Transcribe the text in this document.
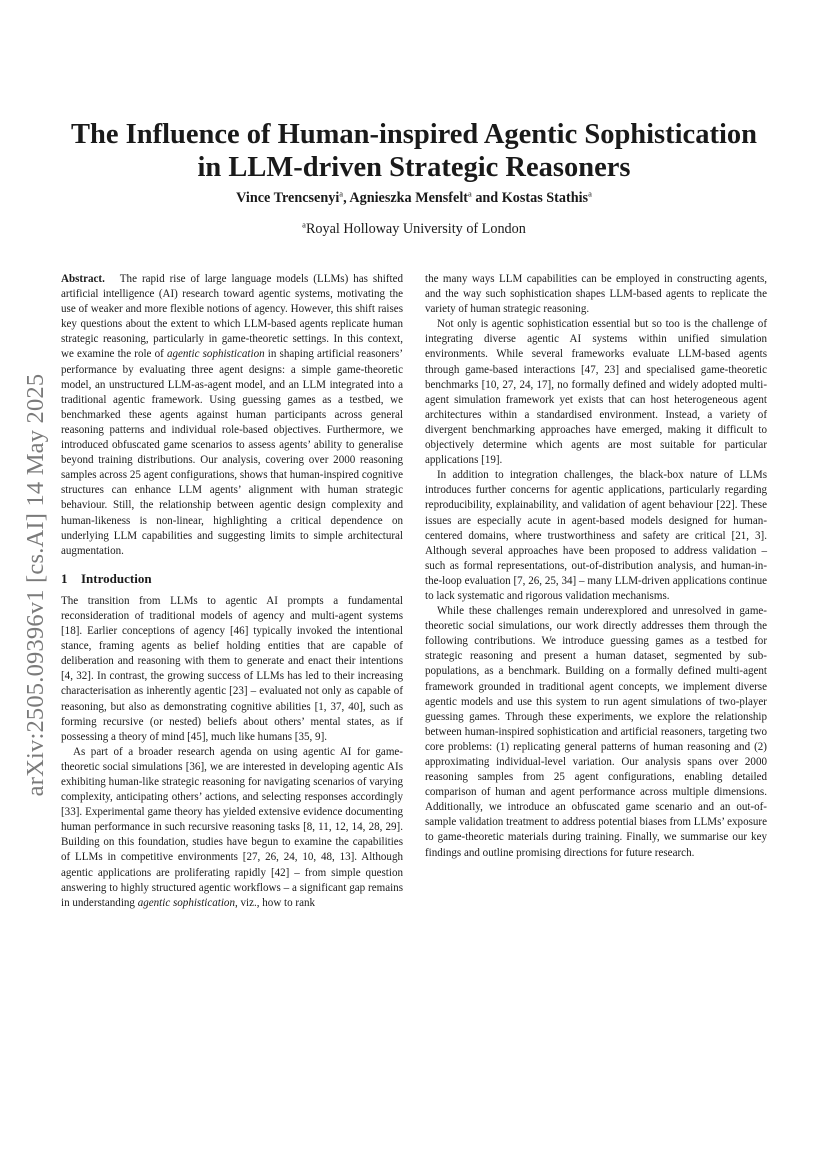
arXiv:2505.09396v1 [cs.AI] 14 May 2025
The Influence of Human-inspired Agentic Sophistication
in LLM-driven Strategic Reasoners
Vince Trencsenyi$^a$, Agnieszka Mensfelt$^a$ and Kostas Stathis$^a$
$^a$Royal Holloway University of London

Abstract. The rapid rise of large language models (LLMs) has shifted artificial intelligence (AI) research toward agentic systems, motivating the use of weaker and more flexible notions of agency. However, this shift raises key questions about the extent to which LLM-based agents replicate human strategic reasoning, particularly in game-theoretic settings. In this context, we examine the role of agentic sophistication in shaping artificial reasoners’ performance by evaluating three agent designs: a simple game-theoretic model, an unstructured LLM-as-agent model, and an LLM integrated into a traditional agentic framework. Using guessing games as a testbed, we benchmarked these agents against human participants across general reasoning patterns and individual role-based objectives. Furthermore, we introduced obfuscated game scenarios to assess agents’ ability to generalise beyond training distributions. Our analysis, covering over 2000 reasoning samples across 25 agent configurations, shows that human-inspired cognitive structures can enhance LLM agents’ alignment with human strategic behaviour. Still, the relationship between agentic design complexity and human-likeness is non-linear, highlighting a critical dependence on underlying LLM capabilities and suggesting limits to simple architectural augmentation.

1 Introduction

The transition from LLMs to agentic AI prompts a fundamental reconsideration of traditional models of agency and multi-agent systems [18]. Earlier conceptions of agency [46] typically invoked the intentional stance, framing agents as belief holding entities that are capable of deliberation and reasoning with them to generate and enact their intentions [4, 32]. In contrast, the growing success of LLMs has led to their increasing characterisation as inherently agentic [23] – evaluated not only as capable of reasoning, but also as demonstrating cognitive abilities [1, 37, 40], such as forming recursive (or nested) beliefs about others’ mental states, as if possessing a theory of mind [45], much like humans [35, 9].

As part of a broader research agenda on using agentic AI for game-theoretic social simulations [36], we are interested in developing agentic AIs exhibiting human-like strategic reasoning for navigating scenarios of varying complexity, anticipating others’ actions, and selecting responses accordingly [33]. Experimental game theory has yielded extensive evidence documenting human performance in such recursive reasoning tasks [8, 11, 12, 14, 28, 29]. Building on this foundation, studies have begun to examine the capabilities of LLMs in competitive environments [27, 26, 24, 10, 48, 13]. Although agentic applications are proliferating rapidly [42] – from simple question answering to highly structured agentic workflows – a significant gap remains in understanding agentic sophistication, viz., how to rank

the many ways LLM capabilities can be employed in constructing agents, and the way such sophistication shapes LLM-based agents to replicate the variety of human strategic reasoning.

Not only is agentic sophistication essential but so too is the challenge of integrating diverse agentic AI systems within unified simulation environments. While several frameworks evaluate LLM-based agents through game-based interactions [47, 23] and specialised game-theoretic benchmarks [10, 27, 24, 17], no formally defined and widely adopted multi-agent simulation framework yet exists that can host heterogeneous agent architectures within a standardised environment. Instead, a variety of divergent benchmarking approaches have emerged, making it difficult to objectively determine which agents are most suitable for particular applications [19].

In addition to integration challenges, the black-box nature of LLMs introduces further concerns for agentic applications, particularly regarding reproducibility, explainability, and validation of agent behaviour [22]. These issues are especially acute in agent-based models designed for human-centered domains, where trustworthiness and safety are critical [21, 3]. Although several approaches have been proposed to address validation – such as formal representations, out-of-distribution analysis, and human-in-the-loop evaluation [7, 26, 25, 34] – many LLM-driven applications continue to lack systematic and rigorous validation mechanisms.

While these challenges remain underexplored and unresolved in game-theoretic social simulations, our work directly addresses them through the following contributions. We introduce guessing games as a testbed for strategic reasoning and present a human dataset, segmented by sub-populations, as a benchmark. Building on a formally defined multi-agent framework grounded in traditional agent concepts, we implement diverse agentic models and use this system to run agent simulations of two-player guessing games. Through these experiments, we explore the relationship between human-inspired sophistication and artificial reasoners, targeting two core problems: (1) replicating general patterns of human reasoning and (2) approximating individual-level variation. Our analysis spans over 2000 reasoning samples from 25 agent configurations, enabling detailed comparison of human and agent performance across multiple dimensions. Additionally, we introduce an obfuscated game scenario and an out-of-sample validation treatment to address potential biases from LLMs’ exposure to game-theoretic materials during training. Finally, we summarise our key findings and outline promising directions for future research.
